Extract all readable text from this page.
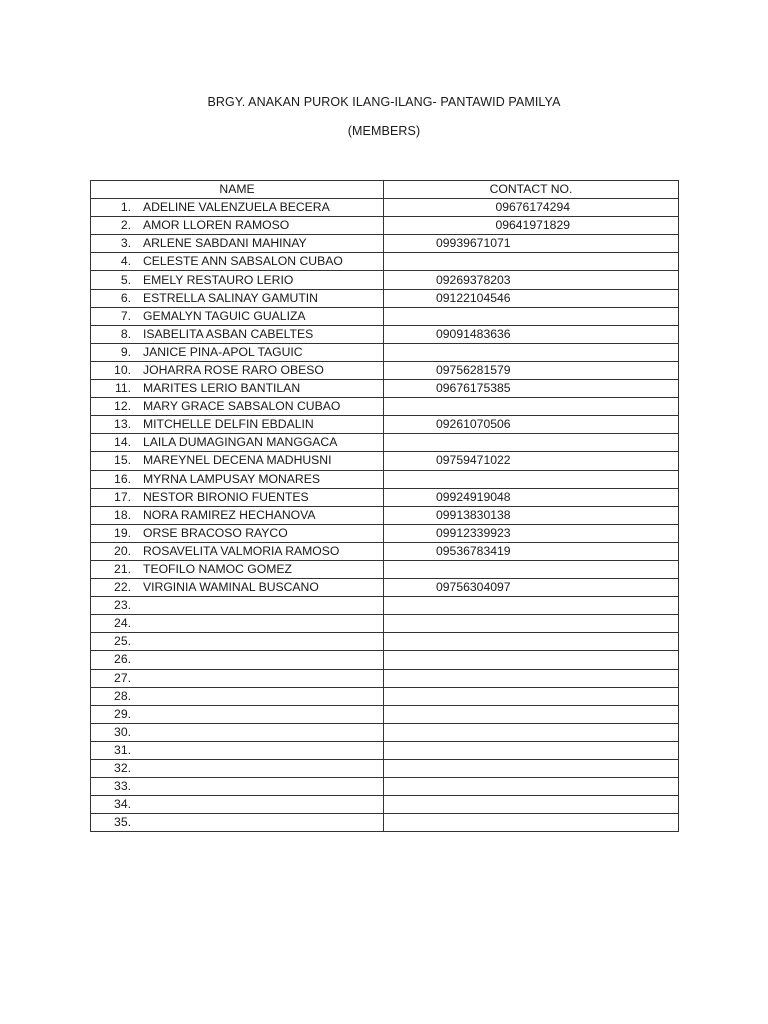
BRGY. ANAKAN PUROK ILANG-ILANG- PANTAWID PAMILYA
(MEMBERS)
NAME	CONTACT NO.
1. ADELINE VALENZUELA BECERA	09676174294
2. AMOR LLOREN RAMOSO	09641971829
3. ARLENE SABDANI MAHINAY	09939671071
4. CELESTE ANN SABSALON CUBAO	
5. EMELY RESTAURO LERIO	09269378203
6. ESTRELLA SALINAY GAMUTIN	09122104546
7. GEMALYN TAGUIC GUALIZA	
8. ISABELITA ASBAN CABELTES	09091483636
9. JANICE PINA-APOL TAGUIC	
10. JOHARRA ROSE RARO OBESO	09756281579
11. MARITES LERIO BANTILAN	09676175385
12. MARY GRACE SABSALON CUBAO	
13. MITCHELLE DELFIN EBDALIN	09261070506
14. LAILA DUMAGINGAN MANGGACA	
15. MAREYNEL DECENA MADHUSNI	09759471022
16. MYRNA LAMPUSAY MONARES	
17. NESTOR BIRONIO FUENTES	09924919048
18. NORA RAMIREZ HECHANOVA	09913830138
19. ORSE BRACOSO RAYCO	09912339923
20. ROSAVELITA VALMORIA RAMOSO	09536783419
21. TEOFILO NAMOC GOMEZ	
22. VIRGINIA WAMINAL BUSCANO	09756304097
23.	
24.	
25.	
26.	
27.	
28.	
29.	
30.	
31.	
32.	
33.	
34.	
35.	
